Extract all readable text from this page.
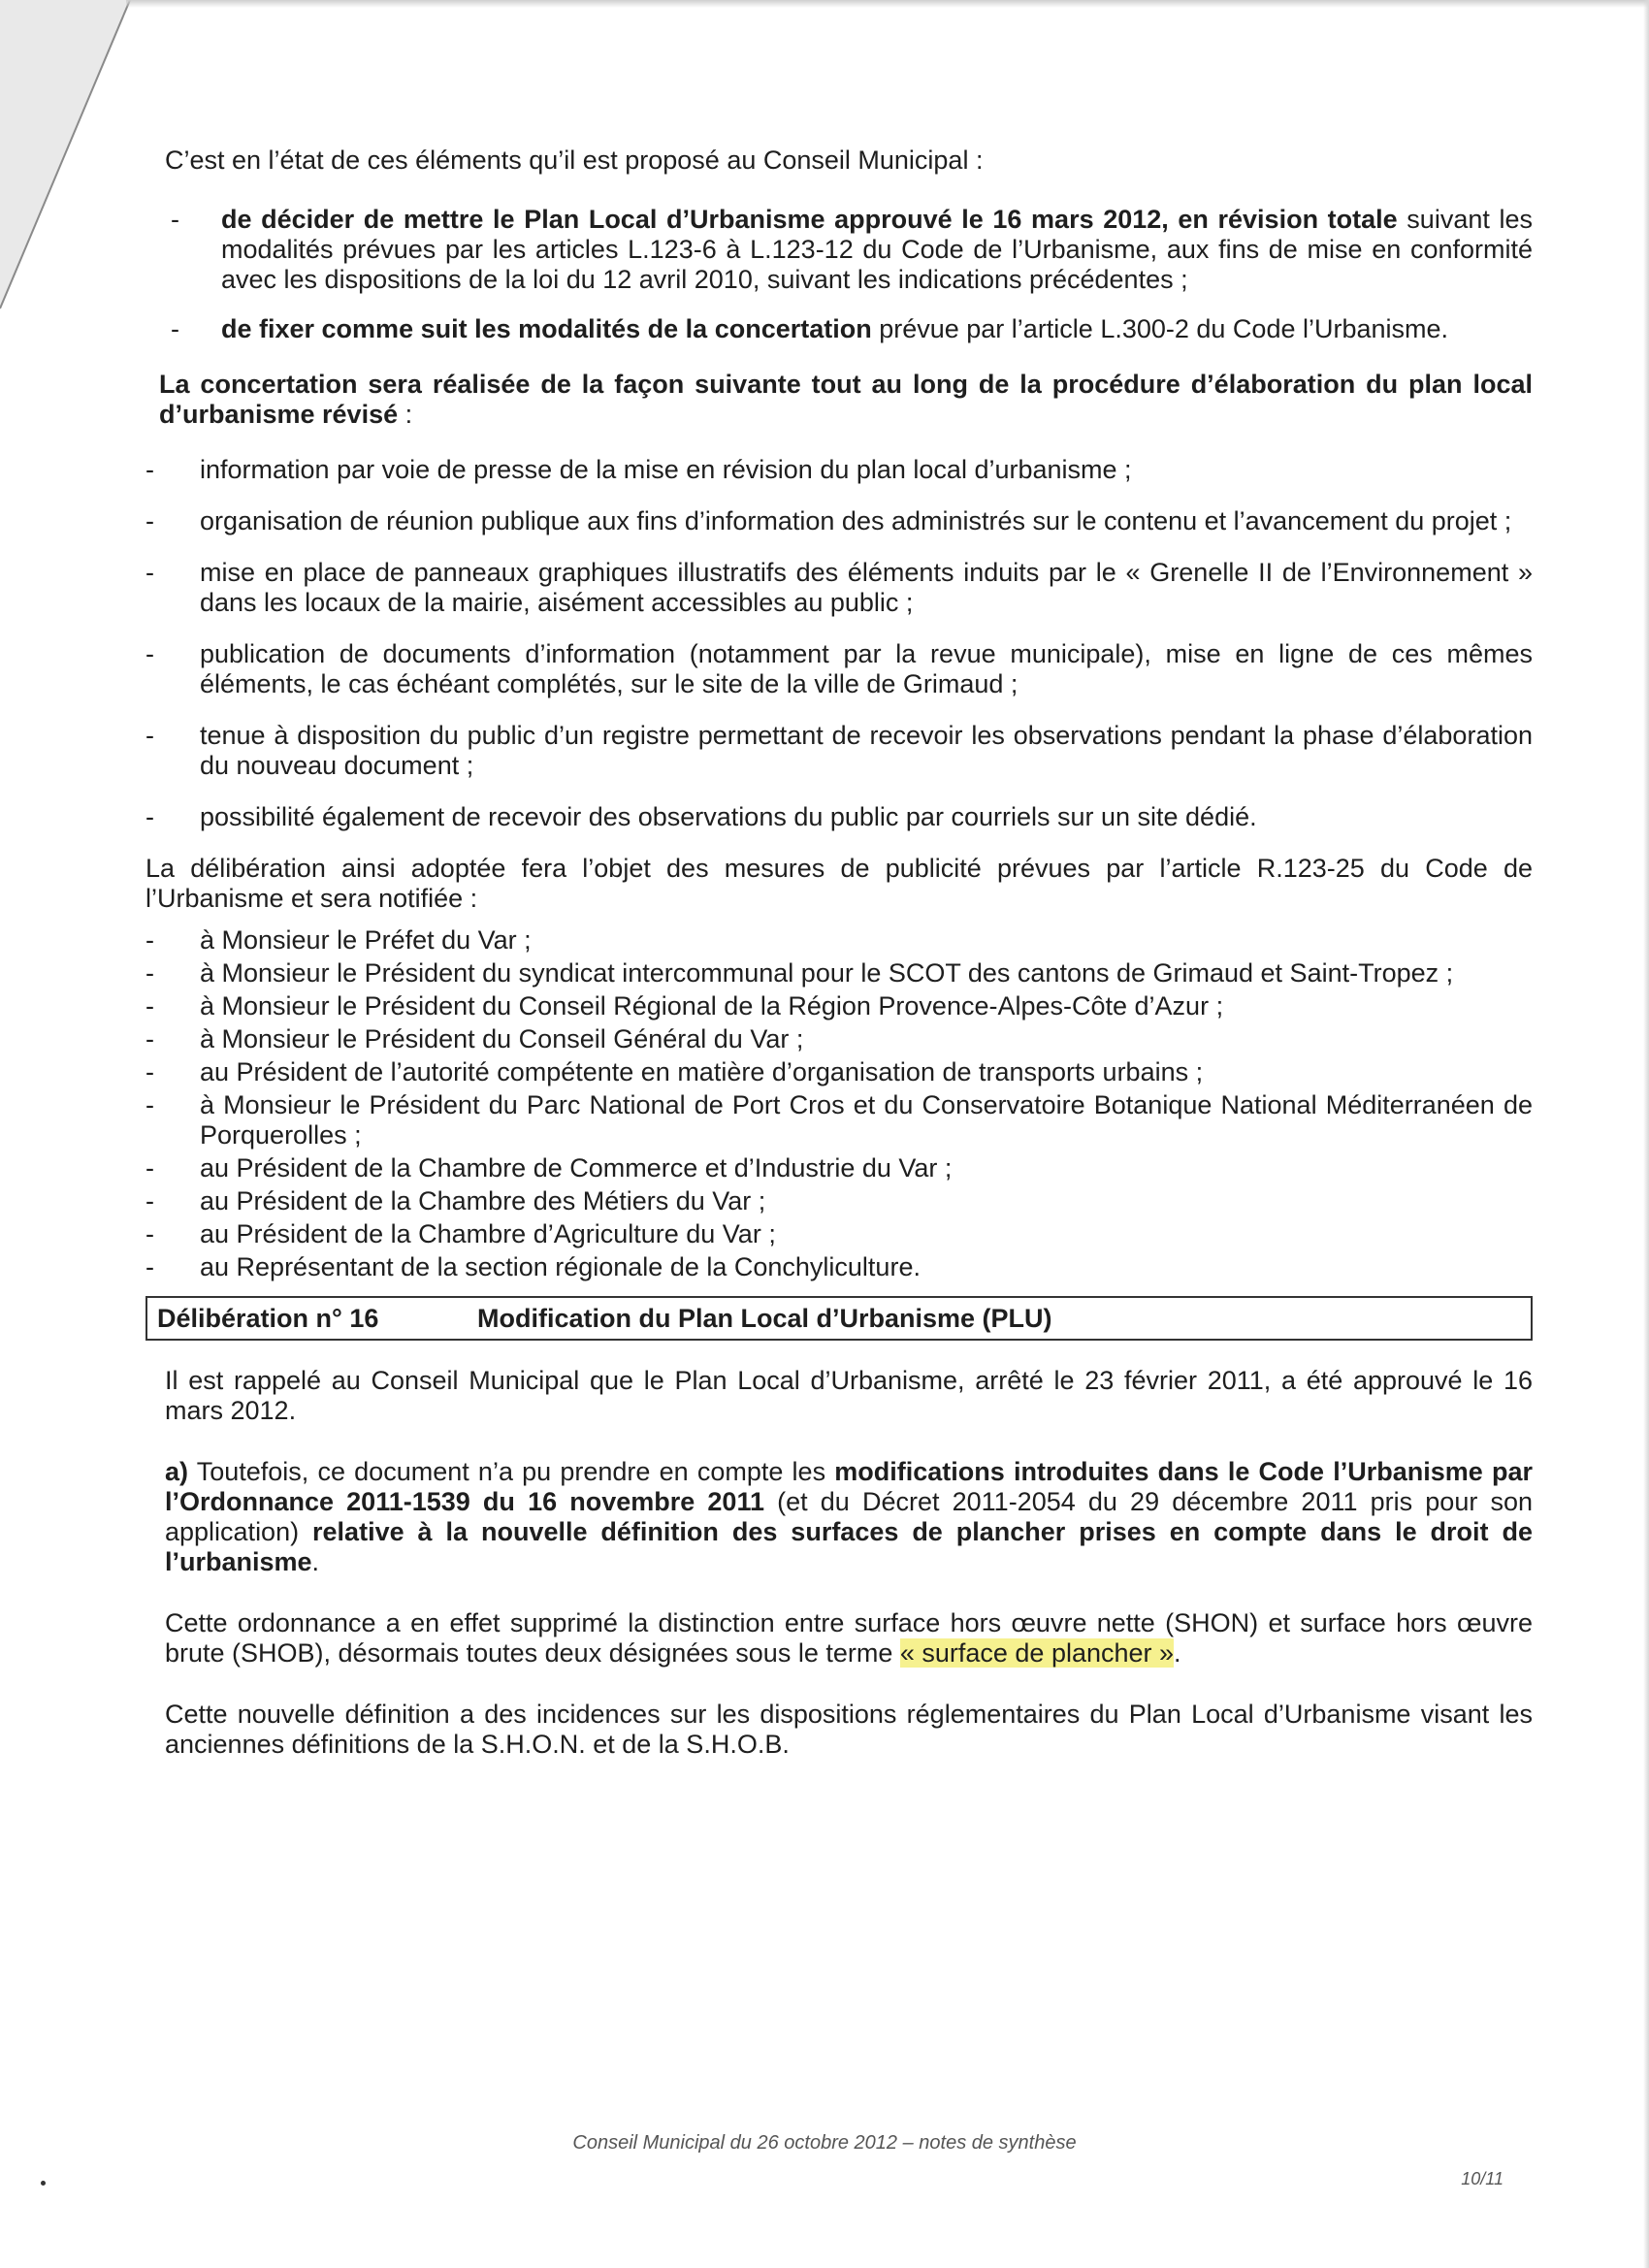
C’est en l’état de ces éléments qu’il est proposé au Conseil Municipal :

- de décider de mettre le Plan Local d’Urbanisme approuvé le 16 mars 2012, en révision totale suivant les modalités prévues par les articles L.123-6 à L.123-12 du Code de l’Urbanisme, aux fins de mise en conformité avec les dispositions de la loi du 12 avril 2010, suivant les indications précédentes ;
- de fixer comme suit les modalités de la concertation prévue par l’article L.300-2 du Code l’Urbanisme.

La concertation sera réalisée de la façon suivante tout au long de la procédure d’élaboration du plan local d’urbanisme révisé :

- information par voie de presse de la mise en révision du plan local d’urbanisme ;
- organisation de réunion publique aux fins d’information des administrés sur le contenu et l’avancement du projet ;
- mise en place de panneaux graphiques illustratifs des éléments induits par le « Grenelle II de l’Environnement » dans les locaux de la mairie, aisément accessibles au public ;
- publication de documents d’information (notamment par la revue municipale), mise en ligne de ces mêmes éléments, le cas échéant complétés, sur le site de la ville de Grimaud ;
- tenue à disposition du public d’un registre permettant de recevoir les observations pendant la phase d’élaboration du nouveau document ;
- possibilité également de recevoir des observations du public par courriels sur un site dédié.

La délibération ainsi adoptée fera l’objet des mesures de publicité prévues par l’article R.123-25 du Code de l’Urbanisme et sera notifiée :

- à Monsieur le Préfet du Var ;
- à Monsieur le Président du syndicat intercommunal pour le SCOT des cantons de Grimaud et Saint-Tropez ;
- à Monsieur le Président du Conseil Régional de la Région Provence-Alpes-Côte d’Azur ;
- à Monsieur le Président du Conseil Général du Var ;
- au Président de l’autorité compétente en matière d’organisation de transports urbains ;
- à Monsieur le Président du Parc National de Port Cros et du Conservatoire Botanique National Méditerranéen de Porquerolles ;
- au Président de la Chambre de Commerce et d’Industrie du Var ;
- au Président de la Chambre des Métiers du Var ;
- au Président de la Chambre d’Agriculture du Var ;
- au Représentant de la section régionale de la Conchyliculture.
Délibération n° 16	Modification du Plan Local d’Urbanisme (PLU)

Il est rappelé au Conseil Municipal que le Plan Local d’Urbanisme, arrêté le 23 février 2011, a été approuvé le 16 mars 2012.

a) Toutefois, ce document n’a pu prendre en compte les modifications introduites dans le Code l’Urbanisme par l’Ordonnance 2011-1539 du 16 novembre 2011 (et du Décret 2011-2054 du 29 décembre 2011 pris pour son application) relative à la nouvelle définition des surfaces de plancher prises en compte dans le droit de l’urbanisme.

Cette ordonnance a en effet supprimé la distinction entre surface hors œuvre nette (SHON) et surface hors œuvre brute (SHOB), désormais toutes deux désignées sous le terme « surface de plancher ».

Cette nouvelle définition a des incidences sur les dispositions réglementaires du Plan Local d’Urbanisme visant les anciennes définitions de la S.H.O.N. et de la S.H.O.B.

Conseil Municipal du 26 octobre 2012 – notes de synthèse
10/11
